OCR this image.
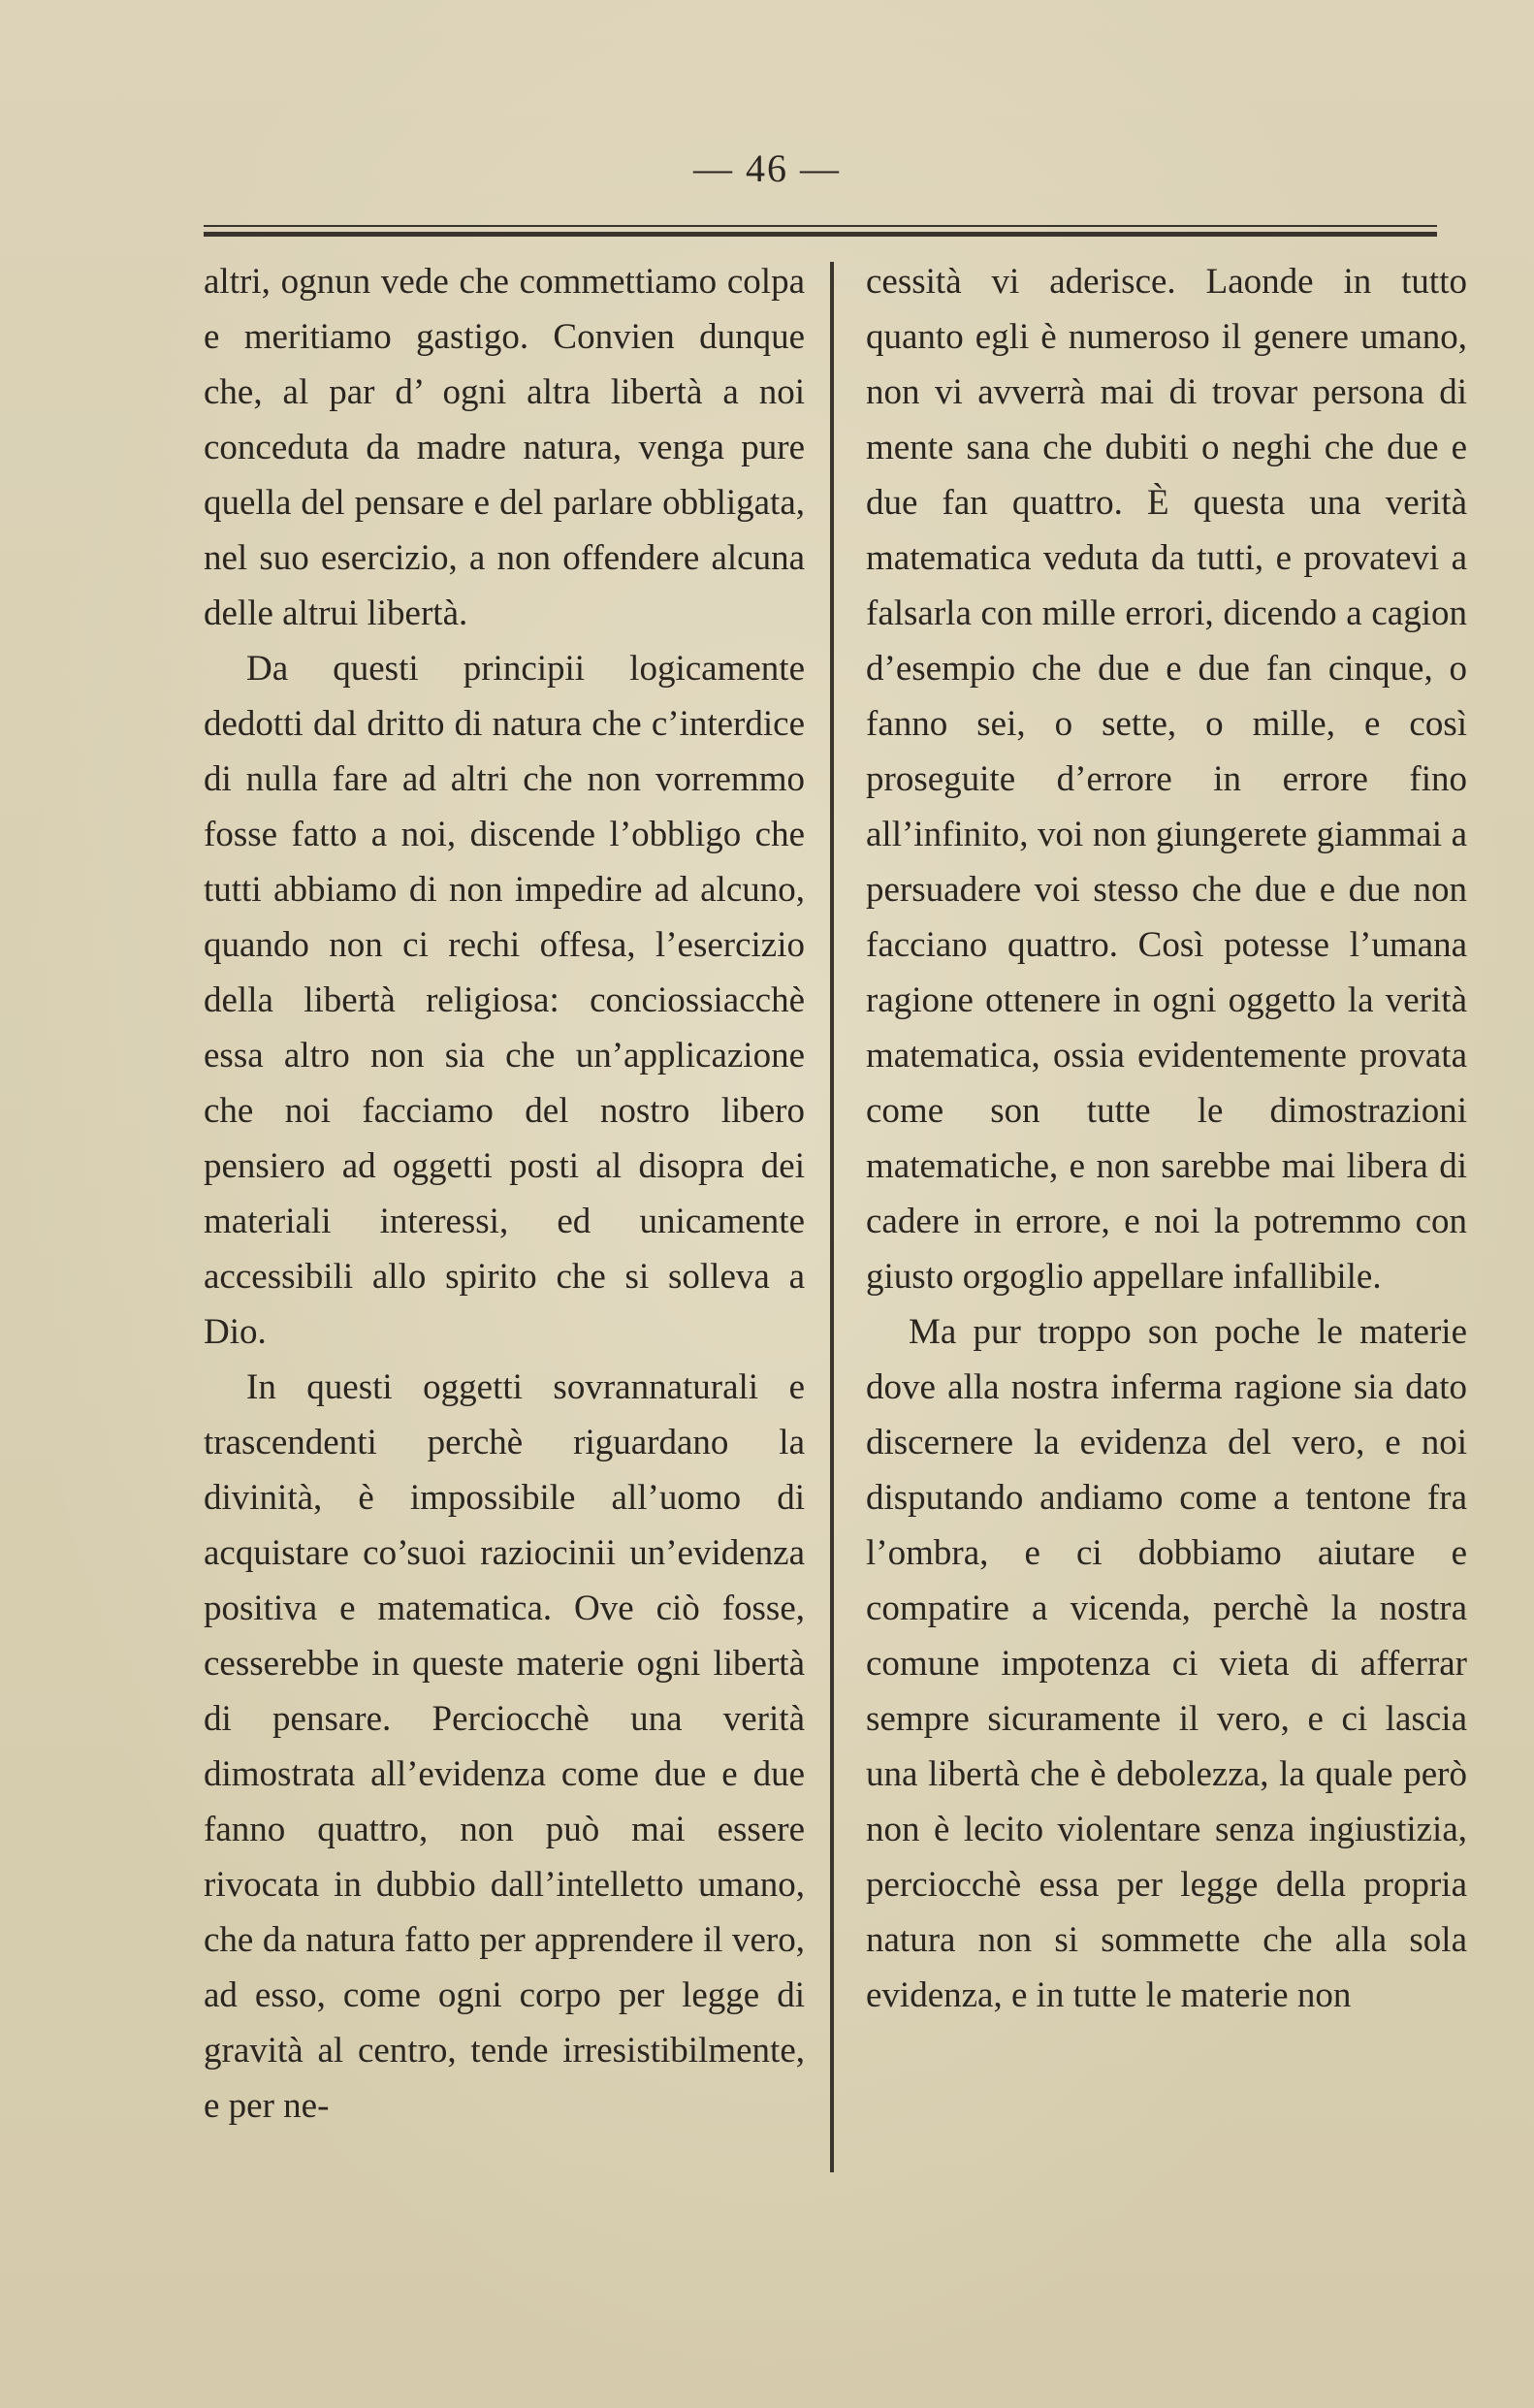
— 46 —

altri, ognun vede che commettiamo colpa e meritiamo gastigo. Convien dunque che, al par d’ ogni altra libertà a noi conceduta da madre natura, venga pure quella del pensare e del parlare obbligata, nel suo esercizio, a non offendere alcuna delle altrui libertà.

Da questi principii logicamente dedotti dal dritto di natura che c’interdice di nulla fare ad altri che non vorremmo fosse fatto a noi, discende l’obbligo che tutti abbiamo di non impedire ad alcuno, quando non ci rechi offesa, l’esercizio della libertà religiosa: conciossiacchè essa altro non sia che un’applicazione che noi facciamo del nostro libero pensiero ad oggetti posti al disopra dei materiali interessi, ed unicamente accessibili allo spirito che si solleva a Dio.

In questi oggetti sovrannaturali e trascendenti perchè riguardano la divinità, è impossibile all’uomo di acquistare co’suoi raziocinii un’evidenza positiva e matematica. Ove ciò fosse, cesserebbe in queste materie ogni libertà di pensare. Perciocchè una verità dimostrata all’evidenza come due e due fanno quattro, non può mai essere rivocata in dubbio dall’intelletto umano, che da natura fatto per apprendere il vero, ad esso, come ogni corpo per legge di gravità al centro, tende irresistibilmente, e per ne-

cessità vi aderisce. Laonde in tutto quanto egli è numeroso il genere umano, non vi avverrà mai di trovar persona di mente sana che dubiti o neghi che due e due fan quattro. È questa una verità matematica veduta da tutti, e provatevi a falsarla con mille errori, dicendo a cagion d’esempio che due e due fan cinque, o fanno sei, o sette, o mille, e così proseguite d’errore in errore fino all’infinito, voi non giungerete giammai a persuadere voi stesso che due e due non facciano quattro. Così potesse l’umana ragione ottenere in ogni oggetto la verità matematica, ossia evidentemente provata come son tutte le dimostrazioni matematiche, e non sarebbe mai libera di cadere in errore, e noi la potremmo con giusto orgoglio appellare infallibile.

Ma pur troppo son poche le materie dove alla nostra inferma ragione sia dato discernere la evidenza del vero, e noi disputando andiamo come a tentone fra l’ombra, e ci dobbiamo aiutare e compatire a vicenda, perchè la nostra comune impotenza ci vieta di afferrar sempre sicuramente il vero, e ci lascia una libertà che è debolezza, la quale però non è lecito violentare senza ingiustizia, perciocchè essa per legge della propria natura non si sommette che alla sola evidenza, e in tutte le materie non
